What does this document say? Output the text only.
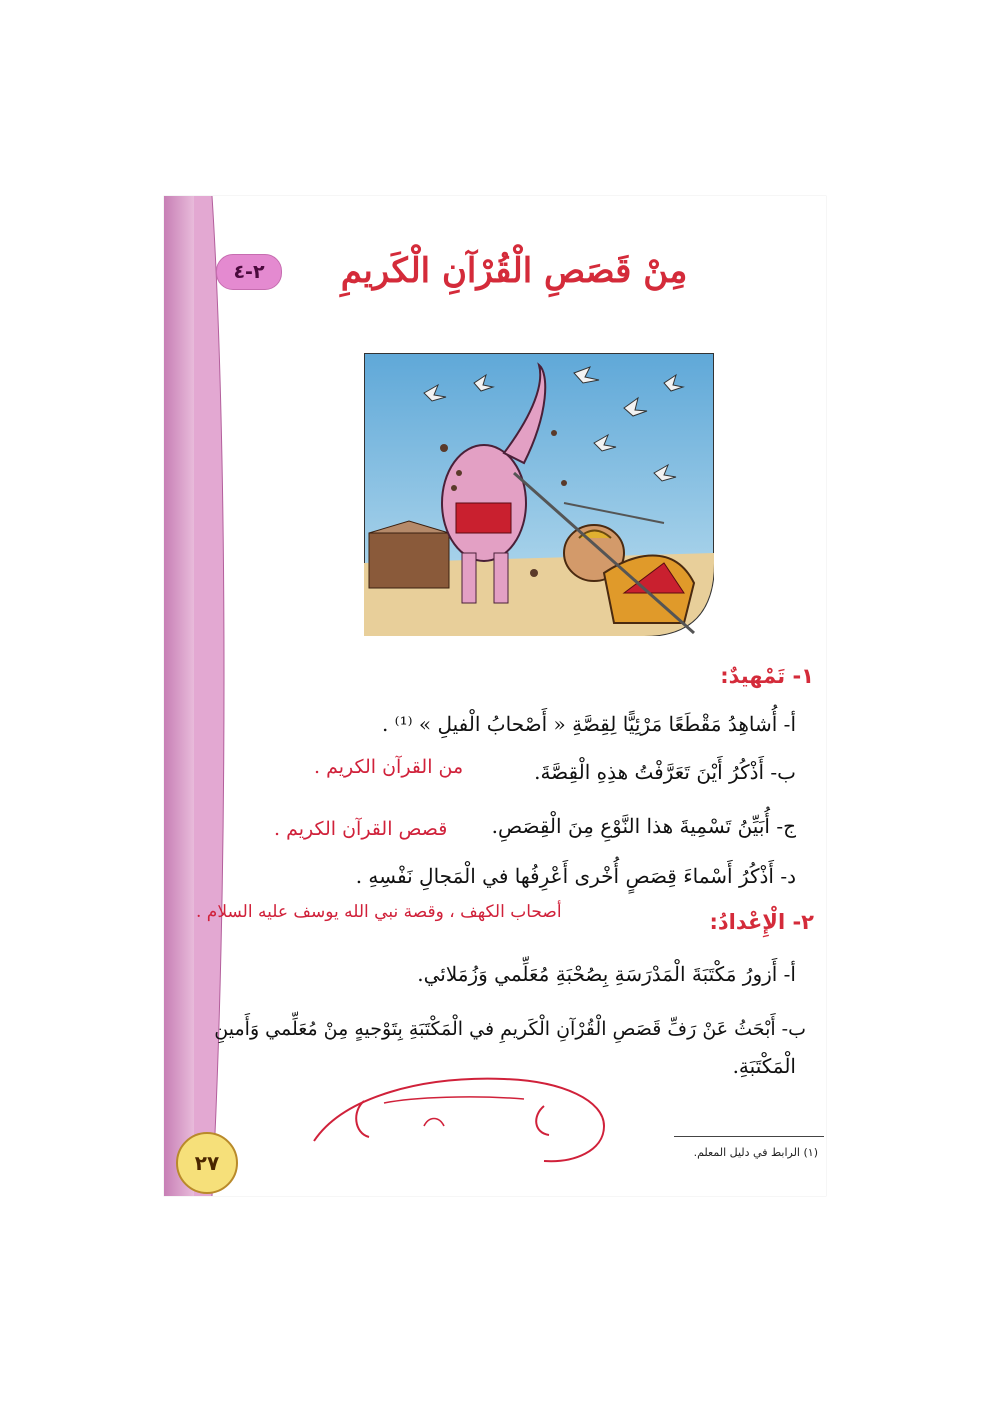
٢-٤	مِنْ قَصَصِ الْقُرْآنِ الْكَريمِ
١- تَمْهيدٌ:
أ- أُشاهِدُ مَقْطَعًا مَرْئِيًّا لِقِصَّةِ « أَصْحابُ الْفيلِ » ⁽¹⁾ .
ب- أَذْكُرُ أَيْنَ تَعَرَّفْتُ هذِهِ الْقِصَّةَ.
من القرآن الكريم .
ج- أُبَيِّنُ تَسْمِيةَ هذا النَّوْعِ مِنَ الْقِصَصِ.
قصص القرآن الكريم .
د- أَذْكُرُ أَسْماءَ قِصَصٍ أُخْرى أَعْرِفُها في الْمَجالِ نَفْسِهِ .
أصحاب الكهف ، وقصة نبي الله يوسف عليه السلام .	٢- الْإِعْدادُ:
أ- أَزورُ مَكْتَبَةَ الْمَدْرَسَةِ بِصُحْبَةِ مُعَلِّمي وَزُمَلائي.
ب- أَبْحَثُ عَنْ رَفِّ قَصَصِ الْقُرْآنِ الْكَريمِ في الْمَكْتَبَةِ بِتَوْجيهٍ مِنْ مُعَلِّمي وَأَمينِ
الْمَكْتَبَةِ.
(١) الرابط في دليل المعلم.
٢٧
